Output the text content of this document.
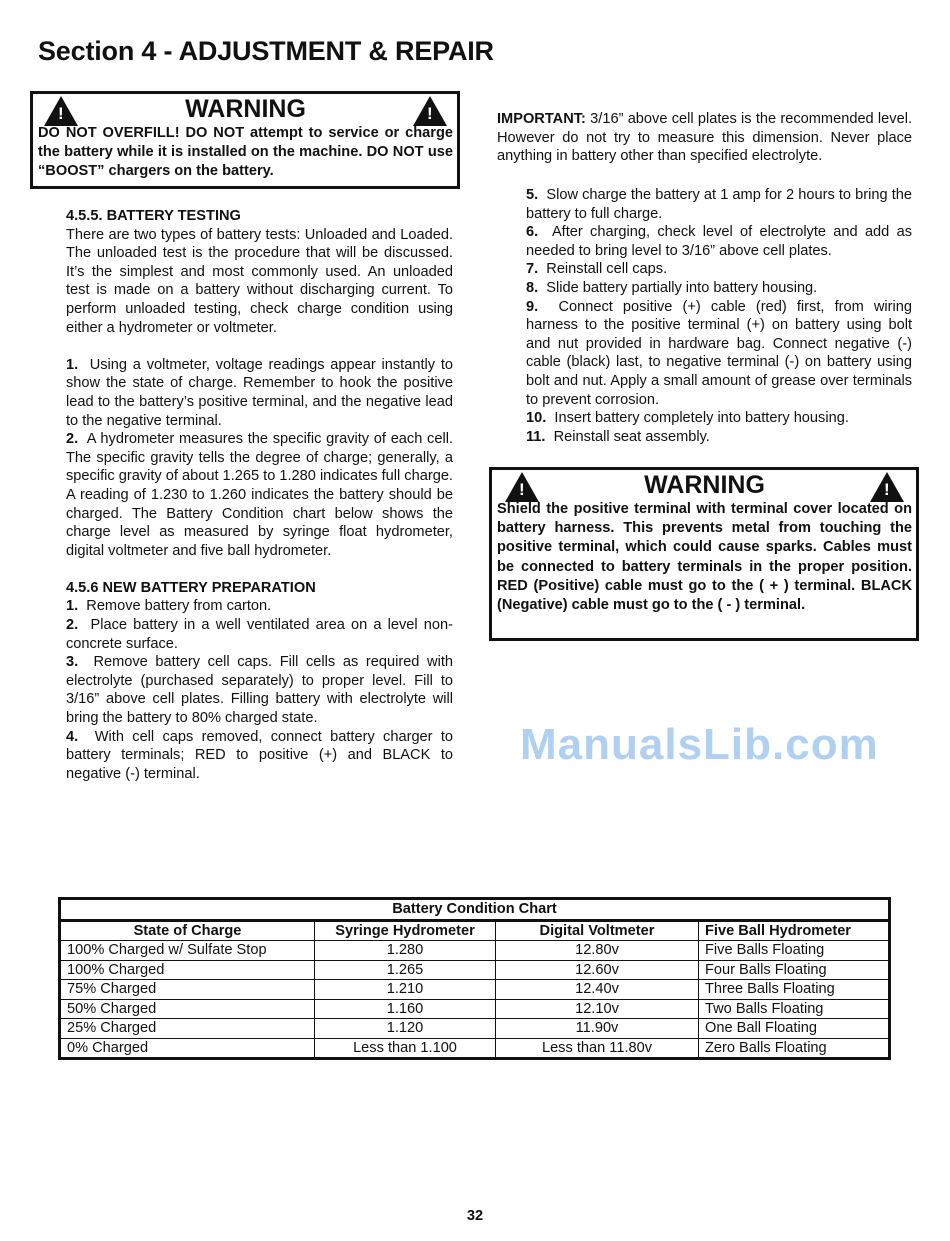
Section 4 - ADJUSTMENT & REPAIR
!
WARNING
!
DO NOT OVERFILL! DO NOT attempt to service or charge the battery while it is installed on the machine. DO NOT use “BOOST” chargers on the battery.

4.5.5. BATTERY TESTING

There are two types of battery tests: Unloaded and Loaded. The unloaded test is the procedure that will be discussed. It’s the simplest and most commonly used. An unloaded test is made on a battery without discharging current. To perform unloaded testing, check charge condition using either a hydrometer or voltmeter.

1. Using a voltmeter, voltage readings appear instantly to show the state of charge. Remember to hook the positive lead to the battery’s positive terminal, and the negative lead to the negative terminal.

2. A hydrometer measures the specific gravity of each cell. The specific gravity tells the degree of charge; generally, a specific gravity of about 1.265 to 1.280 indicates full charge. A reading of 1.230 to 1.260 indicates the battery should be charged. The Battery Condition chart below shows the charge level as measured by syringe float hydrometer, digital voltmeter and five ball hydrometer.

4.5.6 NEW BATTERY PREPARATION

1. Remove battery from carton.

2. Place battery in a well ventilated area on a level non-concrete surface.

3. Remove battery cell caps. Fill cells as required with electrolyte (purchased separately) to proper level. Fill to 3/16” above cell plates. Filling battery with electrolyte will bring the battery to 80% charged state.

4. With cell caps removed, connect battery charger to battery terminals; RED to positive (+) and BLACK to negative (-) terminal.

IMPORTANT: 3/16” above cell plates is the recommended level. However do not try to measure this dimension. Never place anything in battery other than specified electrolyte.

5. Slow charge the battery at 1 amp for 2 hours to bring the battery to full charge.

6. After charging, check level of electrolyte and add as needed to bring level to 3/16” above cell plates.

7. Reinstall cell caps.

8. Slide battery partially into battery housing.

9. Connect positive (+) cable (red) first, from wiring harness to the positive terminal (+) on battery using bolt and nut provided in hardware bag. Connect negative (-) cable (black) last, to negative terminal (-) on battery using bolt and nut. Apply a small amount of grease over terminals to prevent corrosion.

10. Insert battery completely into battery housing.

11. Reinstall seat assembly.

!
WARNING
!
Shield the positive terminal with terminal cover located on battery harness. This prevents metal from touching the positive terminal, which could cause sparks. Cables must be connected to battery terminals in the proper position. RED (Positive) cable must go to the ( + ) terminal. BLACK (Negative) cable must go to the ( - ) terminal.
ManualsLib.com
Battery Condition Chart			
State of Charge	Syringe Hydrometer	Digital Voltmeter	Five Ball Hydrometer
100% Charged w/ Sulfate Stop	1.280	12.80v	Five Balls Floating
100% Charged	1.265	12.60v	Four Balls Floating
75% Charged	1.210	12.40v	Three Balls Floating
50% Charged	1.160	12.10v	Two Balls Floating
25% Charged	1.120	11.90v	One Ball Floating
0% Charged	Less than 1.100	Less than 11.80v	Zero Balls Floating
32
